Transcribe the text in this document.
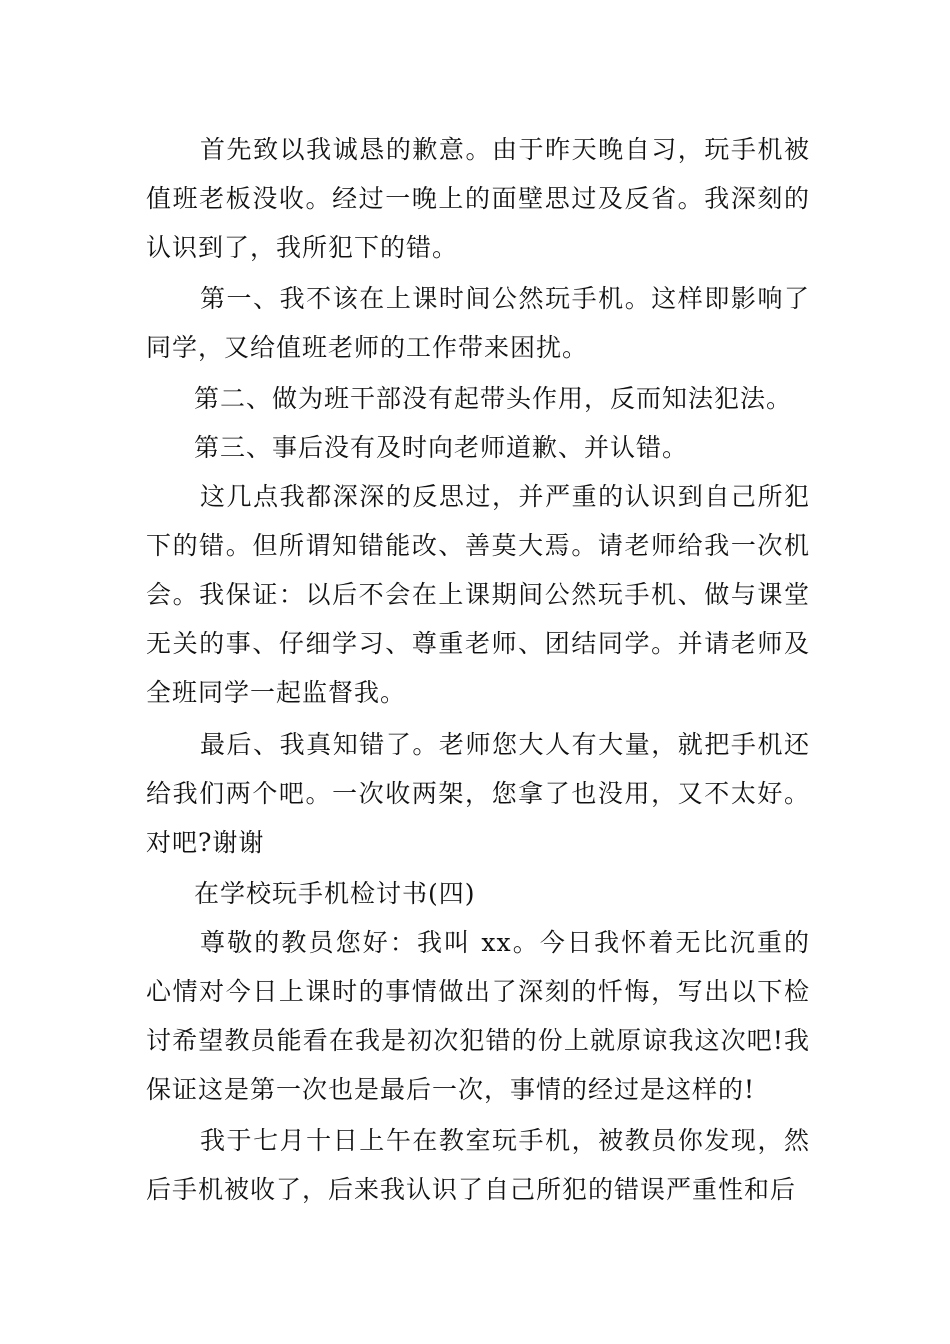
首先致以我诚恳的歉意。由于昨天晚自习，玩手机被值班老板没收。经过一晚上的面壁思过及反省。我深刻的认识到了，我所犯下的错。

第一、我不该在上课时间公然玩手机。这样即影响了同学，又给值班老师的工作带来困扰。

第二、做为班干部没有起带头作用，反而知法犯法。

第三、事后没有及时向老师道歉、并认错。

这几点我都深深的反思过，并严重的认识到自己所犯下的错。但所谓知错能改、善莫大焉。请老师给我一次机会。我保证：以后不会在上课期间公然玩手机、做与课堂无关的事、仔细学习、尊重老师、团结同学。并请老师及全班同学一起监督我。

最后、我真知错了。老师您大人有大量，就把手机还给我们两个吧。一次收两架，您拿了也没用，又不太好。对吧?谢谢

在学校玩手机检讨书(四)

尊敬的教员您好：我叫 xx。今日我怀着无比沉重的心情对今日上课时的事情做出了深刻的忏悔，写出以下检讨希望教员能看在我是初次犯错的份上就原谅我这次吧!我保证这是第一次也是最后一次，事情的经过是这样的!

我于七月十日上午在教室玩手机，被教员你发现，然后手机被收了，后来我认识了自己所犯的错误严重性和后
